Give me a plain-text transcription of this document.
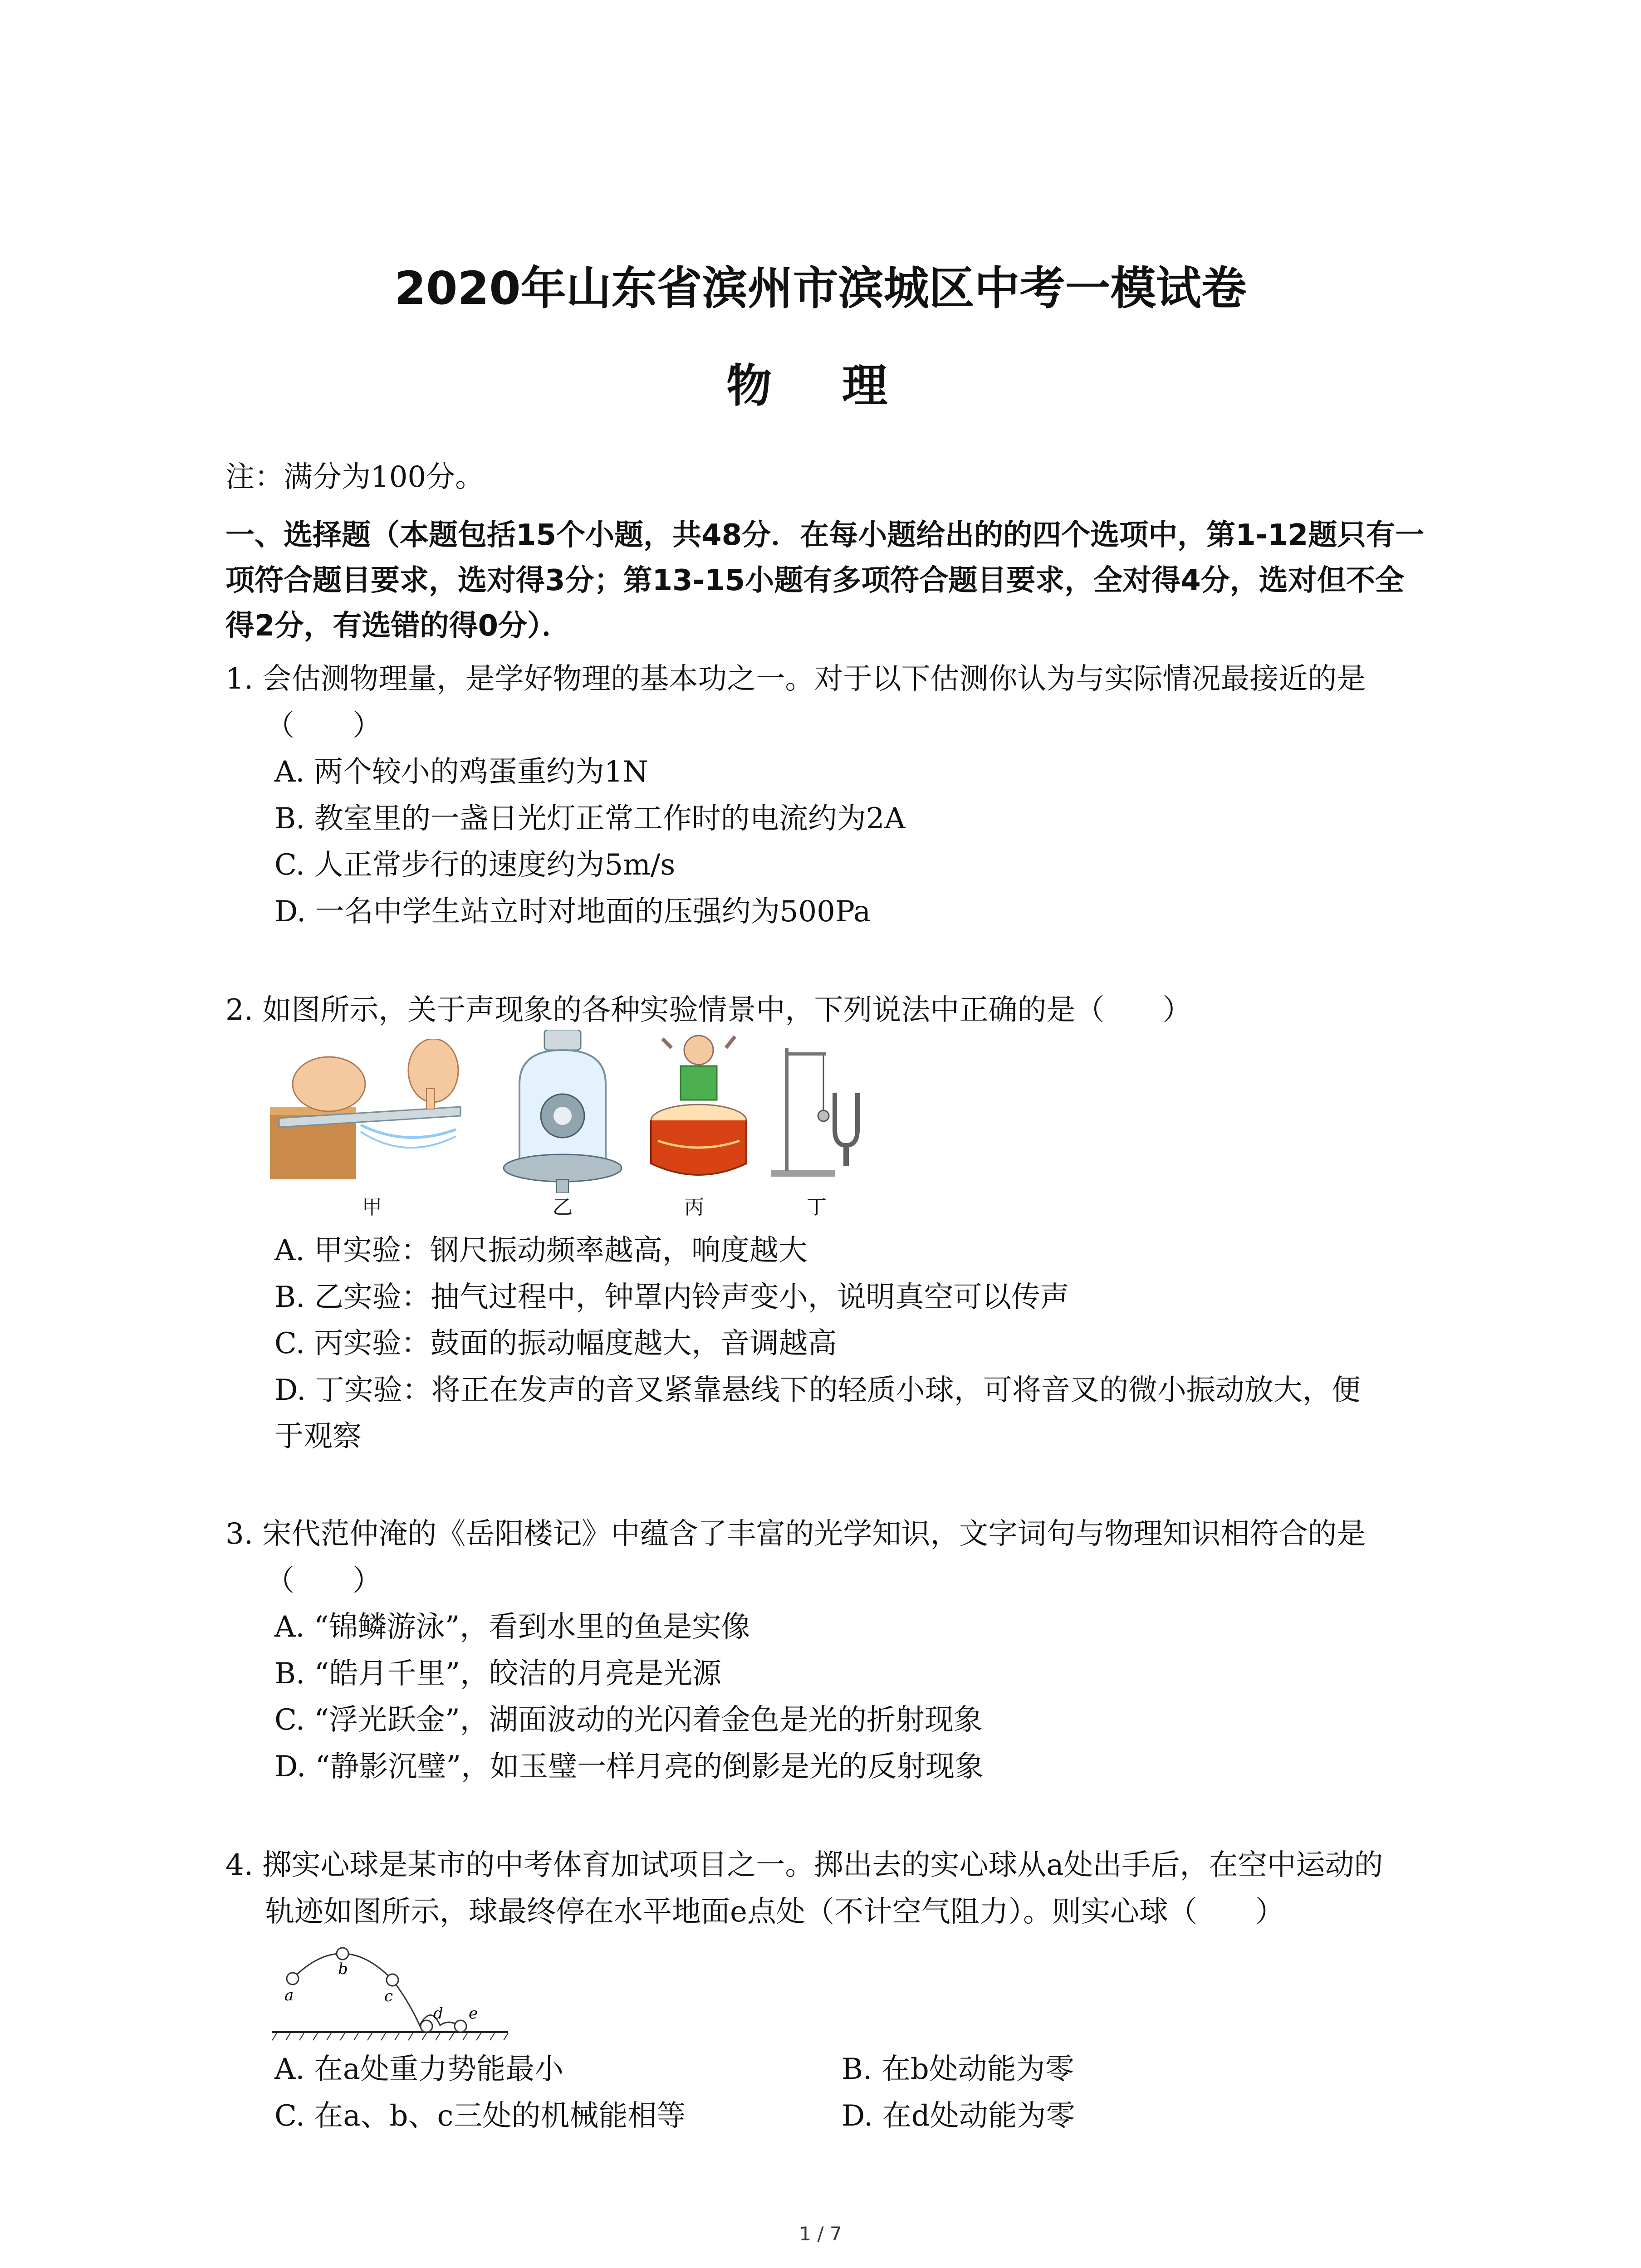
2020年山东省滨州市滨城区中考一模试卷
物 理
注：满分为100分。
一、选择题（本题包括15个小题，共48分．在每小题给出的的四个选项中，第1-12题只有一
项符合题目要求，选对得3分；第13-15小题有多项符合题目要求，全对得4分，选对但不全
得2分，有选错的得0分）．
1. 会估测物理量，是学好物理的基本功之一。对于以下估测你认为与实际情况最接近的是
（　　）
A. 两个较小的鸡蛋重约为1N
B. 教室里的一盏日光灯正常工作时的电流约为2A
C. 人正常步行的速度约为5m/s
D. 一名中学生站立时对地面的压强约为500Pa
2. 如图所示，关于声现象的各种实验情景中，下列说法中正确的是（　　）
甲	乙	丙	丁
A. 甲实验：钢尺振动频率越高，响度越大
B. 乙实验：抽气过程中，钟罩内铃声变小，说明真空可以传声
C. 丙实验：鼓面的振动幅度越大，音调越高
D. 丁实验：将正在发声的音叉紧靠悬线下的轻质小球，可将音叉的微小振动放大，便
于观察
3. 宋代范仲淹的《岳阳楼记》中蕴含了丰富的光学知识，文字词句与物理知识相符合的是
（　　）
A. “锦鳞游泳”，看到水里的鱼是实像
B. “皓月千里”，皎洁的月亮是光源
C. “浮光跃金”，湖面波动的光闪着金色是光的折射现象
D. “静影沉璧”，如玉璧一样月亮的倒影是光的反射现象
4. 掷实心球是某市的中考体育加试项目之一。掷出去的实心球从a处出手后，在空中运动的
轨迹如图所示，球最终停在水平地面e点处（不计空气阻力）。则实心球（　　）
a
b
c
d e
A. 在a处重力势能最小	B. 在b处动能为零
C. 在a、b、c三处的机械能相等	D. 在d处动能为零
1 / 7
